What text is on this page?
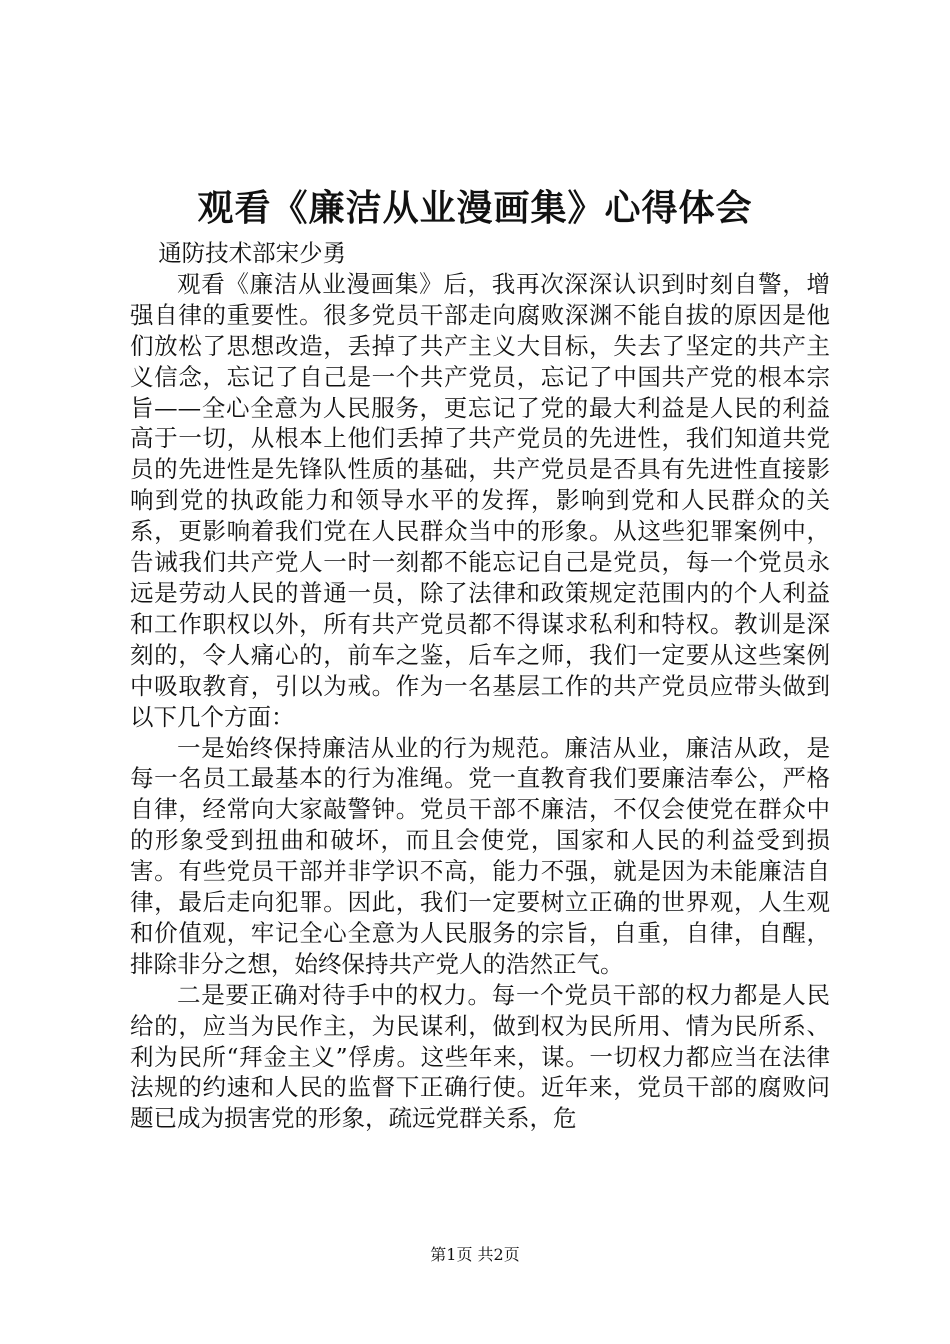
观看《廉洁从业漫画集》心得体会

通防技术部宋少勇

观看《廉洁从业漫画集》后，我再次深深认识到时刻自警，增强自律的重要性。很多党员干部走向腐败深渊不能自拔的原因是他们放松了思想改造，丢掉了共产主义大目标，失去了坚定的共产主义信念，忘记了自己是一个共产党员，忘记了中国共产党的根本宗旨——全心全意为人民服务，更忘记了党的最大利益是人民的利益高于一切，从根本上他们丢掉了共产党员的先进性，我们知道共党员的先进性是先锋队性质的基础，共产党员是否具有先进性直接影响到党的执政能力和领导水平的发挥，影响到党和人民群众的关系，更影响着我们党在人民群众当中的形象。从这些犯罪案例中，告诫我们共产党人一时一刻都不能忘记自己是党员，每一个党员永远是劳动人民的普通一员，除了法律和政策规定范围内的个人利益和工作职权以外，所有共产党员都不得谋求私利和特权。教训是深刻的，令人痛心的，前车之鉴，后车之师，我们一定要从这些案例中吸取教育，引以为戒。作为一名基层工作的共产党员应带头做到以下几个方面：

一是始终保持廉洁从业的行为规范。廉洁从业，廉洁从政，是每一名员工最基本的行为准绳。党一直教育我们要廉洁奉公，严格自律，经常向大家敲警钟。党员干部不廉洁，不仅会使党在群众中的形象受到扭曲和破坏，而且会使党，国家和人民的利益受到损害。有些党员干部并非学识不高，能力不强，就是因为未能廉洁自律，最后走向犯罪。因此，我们一定要树立正确的世界观，人生观和价值观，牢记全心全意为人民服务的宗旨，自重，自律，自醒，排除非分之想，始终保持共产党人的浩然正气。

二是要正确对待手中的权力。每一个党员干部的权力都是人民给的，应当为民作主，为民谋利，做到权为民所用、情为民所系、利为民所“拜金主义”俘虏。这些年来，谋。一切权力都应当在法律法规的约速和人民的监督下正确行使。近年来，党员干部的腐败问题已成为损害党的形象，疏远党群关系，危

第1页 共2页
